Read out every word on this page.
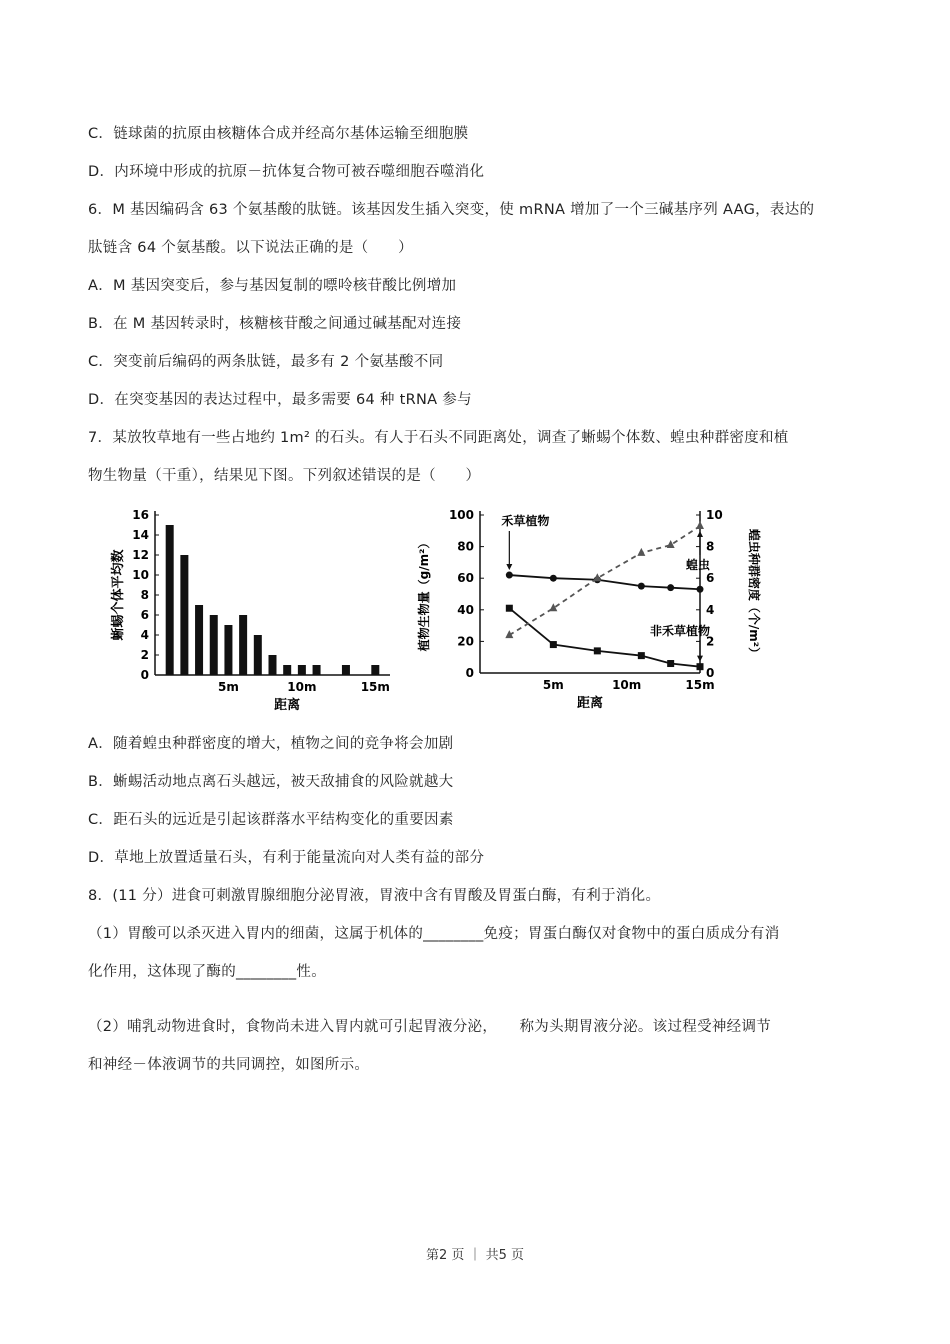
C．链球菌的抗原由核糖体合成并经高尔基体运输至细胞膜
D．内环境中形成的抗原－抗体复合物可被吞噬细胞吞噬消化
6．M 基因编码含 63 个氨基酸的肽链。该基因发生插入突变，使 mRNA 增加了一个三碱基序列 AAG，表达的
肽链含 64 个氨基酸。以下说法正确的是（　　）
A．M 基因突变后，参与基因复制的嘌呤核苷酸比例增加
B．在 M 基因转录时，核糖核苷酸之间通过碱基配对连接
C．突变前后编码的两条肽链，最多有 2 个氨基酸不同
D．在突变基因的表达过程中，最多需要 64 种 tRNA 参与
7．某放牧草地有一些占地约 1m² 的石头。有人于石头不同距离处，调查了蜥蜴个体数、蝗虫种群密度和植
物生物量（干重），结果见下图。下列叙述错误的是（　　）
A．随着蝗虫种群密度的增大，植物之间的竞争将会加剧
B．蜥蜴活动地点离石头越远，被天敌捕食的风险就越大
C．距石头的远近是引起该群落水平结构变化的重要因素
D．草地上放置适量石头，有利于能量流向对人类有益的部分
8．(11 分）进食可刺激胃腺细胞分泌胃液，胃液中含有胃酸及胃蛋白酶，有利于消化。
（1）胃酸可以杀灭进入胃内的细菌，这属于机体的________免疫；胃蛋白酶仅对食物中的蛋白质成分有消
化作用，这体现了酶的________性。
（2）哺乳动物进食时，食物尚未进入胃内就可引起胃液分泌，　　称为头期胃液分泌。该过程受神经调节
和神经－体液调节的共同调控，如图所示。
0
2
4
6
8
10
12
14
16
5m	10m	15m
距离
蜥蜴个体平均数
0
20
40
60
80
100
0
2
4
6
8
10
5m	10m	15m
距离
植物生物量（g/m²）	蝗虫种群密度（个/m²）
禾草植物
非禾草植物
蝗虫
第2 页 ｜ 共5 页
